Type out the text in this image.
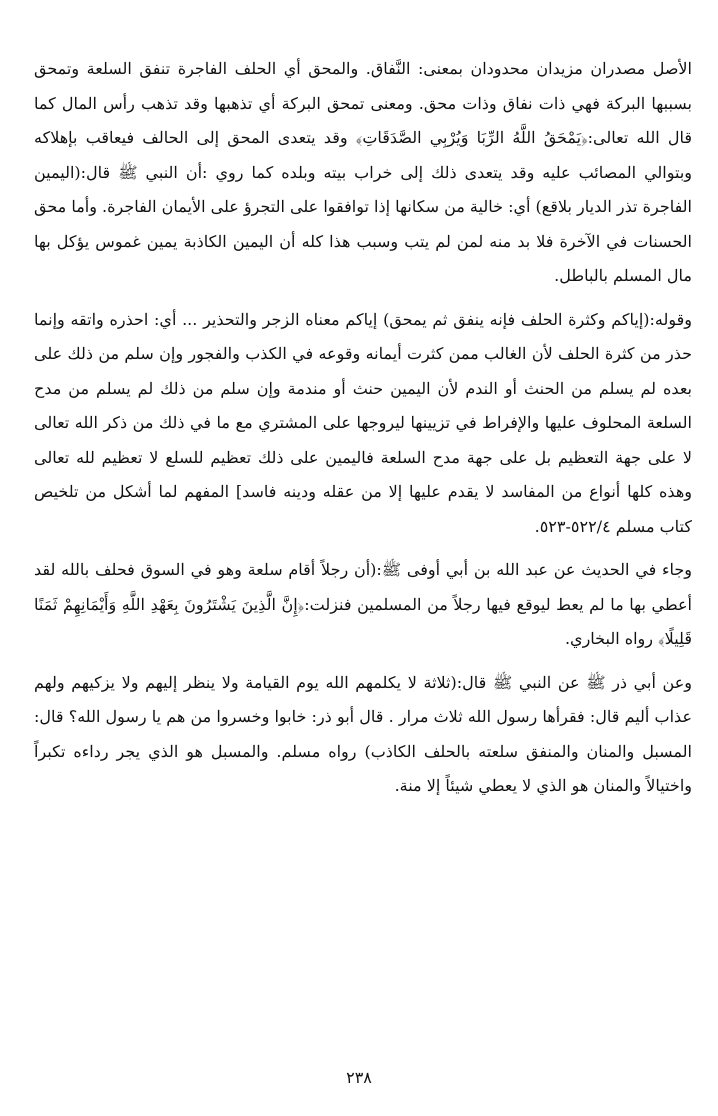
الأصل مصدران مزيدان محدودان بمعنى: النَّفاق. والمحق أي الحلف الفاجرة تنفق السلعة وتمحق بسببها البركة فهي ذات نفاق وذات محق. ومعنى تمحق البركة أي تذهبها وقد تذهب رأس المال كما قال الله تعالى:﴿يَمْحَقُ اللَّهُ الرِّبَا وَيُرْبِي الصَّدَقَاتِ﴾ وقد يتعدى المحق إلى الحالف فيعاقب بإهلاكه وبتوالي المصائب عليه وقد يتعدى ذلك إلى خراب بيته وبلده كما روي :أن النبي ﷺ قال:(اليمين الفاجرة تذر الديار بلاقع) أي: خالية من سكانها إذا توافقوا على التجرؤ على الأيمان الفاجرة. وأما محق الحسنات في الآخرة فلا بد منه لمن لم يتب وسبب هذا كله أن اليمين الكاذبة يمين غموس يؤكل بها مال المسلم بالباطل.

وقوله:(إياكم وكثرة الحلف فإنه ينفق ثم يمحق) إياكم معناه الزجر والتحذير ... أي: احذره واتقه وإنما حذر من كثرة الحلف لأن الغالب ممن كثرت أيمانه وقوعه في الكذب والفجور وإن سلم من ذلك على بعده لم يسلم من الحنث أو الندم لأن اليمين حنث أو مندمة وإن سلم من ذلك لم يسلم من مدح السلعة المحلوف عليها والإفراط في تزيينها ليروجها على المشتري مع ما في ذلك من ذكر الله تعالى لا على جهة التعظيم بل على جهة مدح السلعة فاليمين على ذلك تعظيم للسلع لا تعظيم لله تعالى وهذه كلها أنواع من المفاسد لا يقدم عليها إلا من عقله ودينه فاسد] المفهم لما أشكل من تلخيص كتاب مسلم ٥٢٢/٤-٥٢٣.

وجاء في الحديث عن عبد الله بن أبي أوفى ﷺ:(أن رجلاً أقام سلعة وهو في السوق فحلف بالله لقد أعطي بها ما لم يعط ليوقع فيها رجلاً من المسلمين فنزلت:﴿إِنَّ الَّذِينَ يَشْتَرُونَ بِعَهْدِ اللَّهِ وَأَيْمَانِهِمْ ثَمَنًا قَلِيلًا﴾ رواه البخاري.

وعن أبي ذر ﷺ عن النبي ﷺ قال:(ثلاثة لا يكلمهم الله يوم القيامة ولا ينظر إليهم ولا يزكيهم ولهم عذاب أليم قال: فقرأها رسول الله ثلاث مرار . قال أبو ذر: خابوا وخسروا من هم يا رسول الله؟ قال: المسبل والمنان والمنفق سلعته بالحلف الكاذب) رواه مسلم. والمسبل هو الذي يجر رداءه تكبراً واختيالاً والمنان هو الذي لا يعطي شيئاً إلا منة.

٢٣٨
